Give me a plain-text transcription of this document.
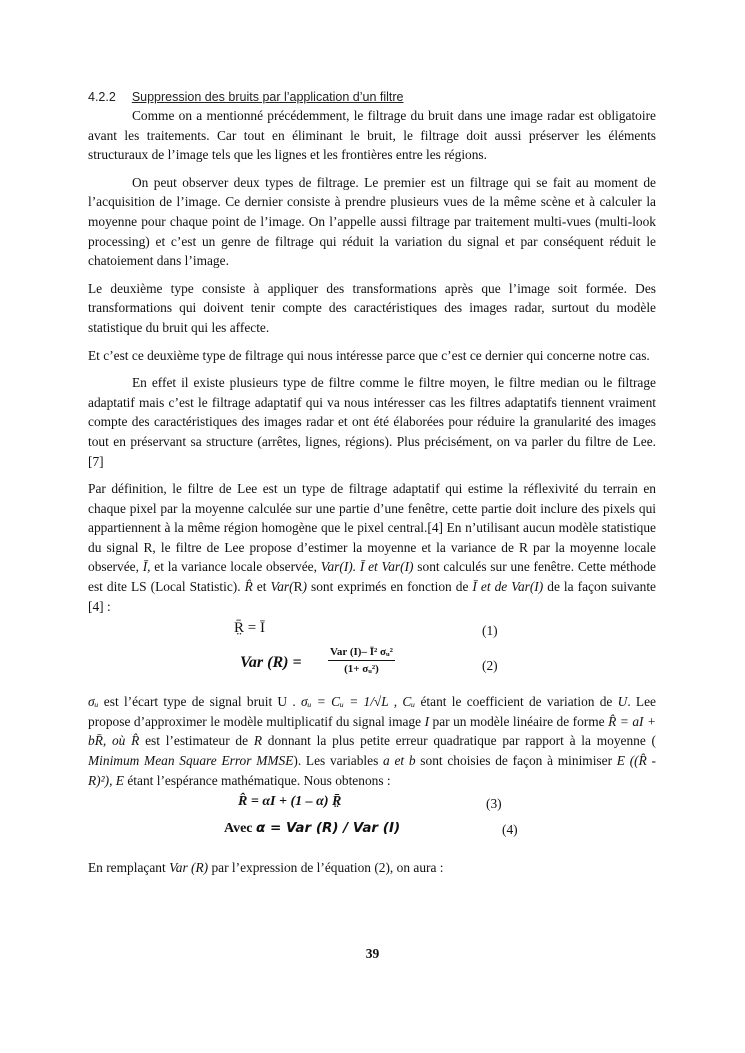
4.2.2 Suppression des bruits par l’application d’un filtre

Comme on a mentionné précédemment, le filtrage du bruit dans une image radar est obligatoire avant les traitements. Car tout en éliminant le bruit, le filtrage doit aussi préserver les éléments structuraux de l’image tels que les lignes et les frontières entre les régions.

On peut observer deux types de filtrage. Le premier est un filtrage qui se fait au moment de l’acquisition de l’image. Ce dernier consiste à prendre plusieurs vues de la même scène et à calculer la moyenne pour chaque point de l’image. On l’appelle aussi filtrage par traitement multi-vues (multi-look processing) et c’est un genre de filtrage qui réduit la variation du signal et par conséquent réduit le chatoiement dans l’image.

Le deuxième type consiste à appliquer des transformations après que l’image soit formée. Des transformations qui doivent tenir compte des caractéristiques des images radar, surtout du modèle statistique du bruit qui les affecte.

Et c’est ce deuxième type de filtrage qui nous intéresse parce que c’est ce dernier qui concerne notre cas.

En effet il existe plusieurs type de filtre comme le filtre moyen, le filtre median ou le filtrage adaptatif mais c’est le filtrage adaptatif qui va nous intéresser cas les filtres adaptatifs tiennent vraiment compte des caractéristiques des images radar et ont été élaborées pour réduire la granularité des images tout en préservant sa structure (arrêtes, lignes, régions). Plus précisément, on va parler du filtre de Lee. [7]

Par définition, le filtre de Lee est un type de filtrage adaptatif qui estime la réflexivité du terrain en chaque pixel par la moyenne calculée sur une partie d’une fenêtre, cette partie doit inclure des pixels qui appartiennent à la même région homogène que le pixel central.[4] En n’utilisant aucun modèle statistique du signal R, le filtre de Lee propose d’estimer la moyenne et la variance de R par la moyenne locale observée, Ī, et la variance locale observée, Var(I). Ī et Var(I) sont calculés sur une fenêtre. Cette méthode est dite LS (Local Statistic). R̂ et Var(R) sont exprimés en fonction de Ī et de Var(I) de la façon suivante [4] :

R̤̄ = Ī	(1)
Var (R) =
Var (I)– Ī² σᵤ²
(1+ σᵤ²)	(2)

σᵤ est l’écart type de signal bruit U . σᵤ = Cᵤ = 1/√L , Cᵤ étant le coefficient de variation de U. Lee propose d’approximer le modèle multiplicatif du signal image I par un modèle linéaire de forme R̂ = aI + bR̄, où R̂ est l’estimateur de R donnant la plus petite erreur quadratique par rapport à la moyenne ( Minimum Mean Square Error MMSE). Les variables a et b sont choisies de façon à minimiser E ((R̂ - R)²), E étant l’espérance mathématique. Nous obtenons :

R̂ = αI + (1 – α) R̤̄	(3)
Avec α = Var (R) / Var (I)	(4)

En remplaçant Var (R) par l’expression de l’équation (2), on aura :

39
